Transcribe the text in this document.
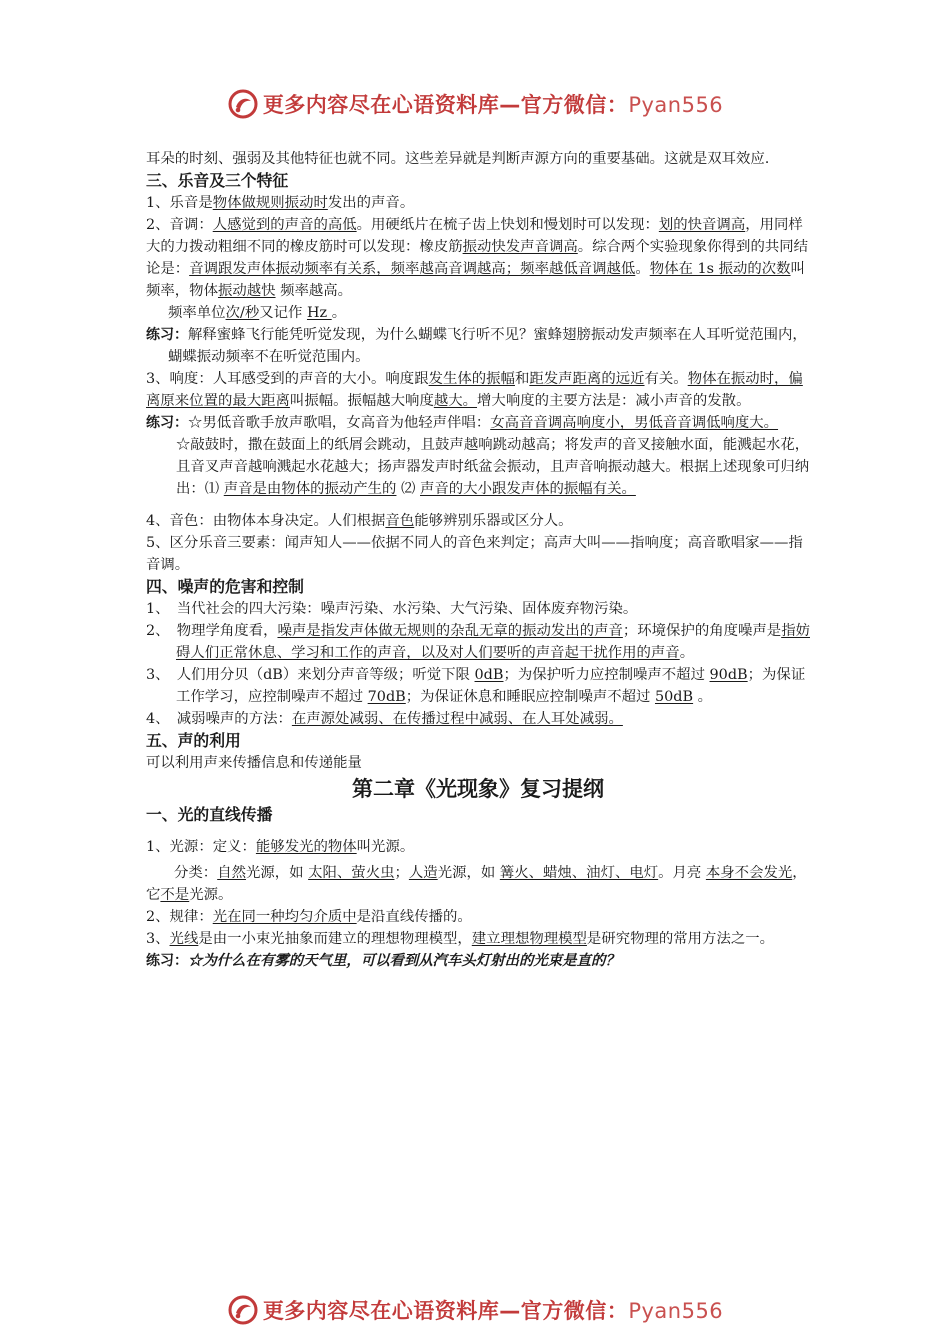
更多内容尽在心语资料库—官方微信：Pyan556

耳朵的时刻、强弱及其他特征也就不同。这些差异就是判断声源方向的重要基础。这就是双耳效应.

三、乐音及三个特征

1、乐音是物体做规则振动时发出的声音。

2、音调：人感觉到的声音的高低。用硬纸片在梳子齿上快划和慢划时可以发现：划的快音调高，用同样大的力拨动粗细不同的橡皮筋时可以发现：橡皮筋振动快发声音调高。综合两个实验现象你得到的共同结论是：音调跟发声体振动频率有关系，频率越高音调越高；频率越低音调越低。物体在 1s 振动的次数叫频率，物体振动越快 频率越高。

频率单位次/秒又记作 Hz 。

练习：解释蜜蜂飞行能凭听觉发现，为什么蝴蝶飞行听不见？蜜蜂翅膀振动发声频率在人耳听觉范围内，蝴蝶振动频率不在听觉范围内。

3、响度：人耳感受到的声音的大小。响度跟发生体的振幅和距发声距离的远近有关。物体在振动时，偏离原来位置的最大距离叫振幅。振幅越大响度越大。增大响度的主要方法是：减小声音的发散。

练习：☆男低音歌手放声歌唱，女高音为他轻声伴唱：女高音音调高响度小，男低音音调低响度大。

☆敲鼓时，撒在鼓面上的纸屑会跳动，且鼓声越响跳动越高；将发声的音叉接触水面，能溅起水花，且音叉声音越响溅起水花越大；扬声器发声时纸盆会振动，且声音响振动越大。根据上述现象可归纳出：⑴ 声音是由物体的振动产生的 ⑵ 声音的大小跟发声体的振幅有关。

4、音色：由物体本身决定。人们根据音色能够辨别乐器或区分人。

5、区分乐音三要素：闻声知人——依据不同人的音色来判定；高声大叫——指响度；高音歌唱家——指音调。

四、噪声的危害和控制

1、　当代社会的四大污染：噪声污染、水污染、大气污染、固体废弃物污染。

2、　物理学角度看，噪声是指发声体做无规则的杂乱无章的振动发出的声音；环境保护的角度噪声是指妨碍人们正常休息、学习和工作的声音，以及对人们要听的声音起干扰作用的声音。

3、　人们用分贝（dB）来划分声音等级；听觉下限 0dB；为保护听力应控制噪声不超过 90dB；为保证工作学习，应控制噪声不超过 70dB；为保证休息和睡眠应控制噪声不超过 50dB 。

4、　减弱噪声的方法：在声源处减弱、在传播过程中减弱、在人耳处减弱。

五、声的利用

可以利用声来传播信息和传递能量

第二章《光现象》复习提纲

一、光的直线传播

1、光源：定义：能够发光的物体叫光源。

分类：自然光源，如 太阳、萤火虫；人造光源，如 篝火、蜡烛、油灯、电灯。月亮 本身不会发光，它不是光源。

2、规律：光在同一种均匀介质中是沿直线传播的。

3、光线是由一小束光抽象而建立的理想物理模型，建立理想物理模型是研究物理的常用方法之一。

练习：☆为什么在有雾的天气里，可以看到从汽车头灯射出的光束是直的？

更多内容尽在心语资料库—官方微信：Pyan556
